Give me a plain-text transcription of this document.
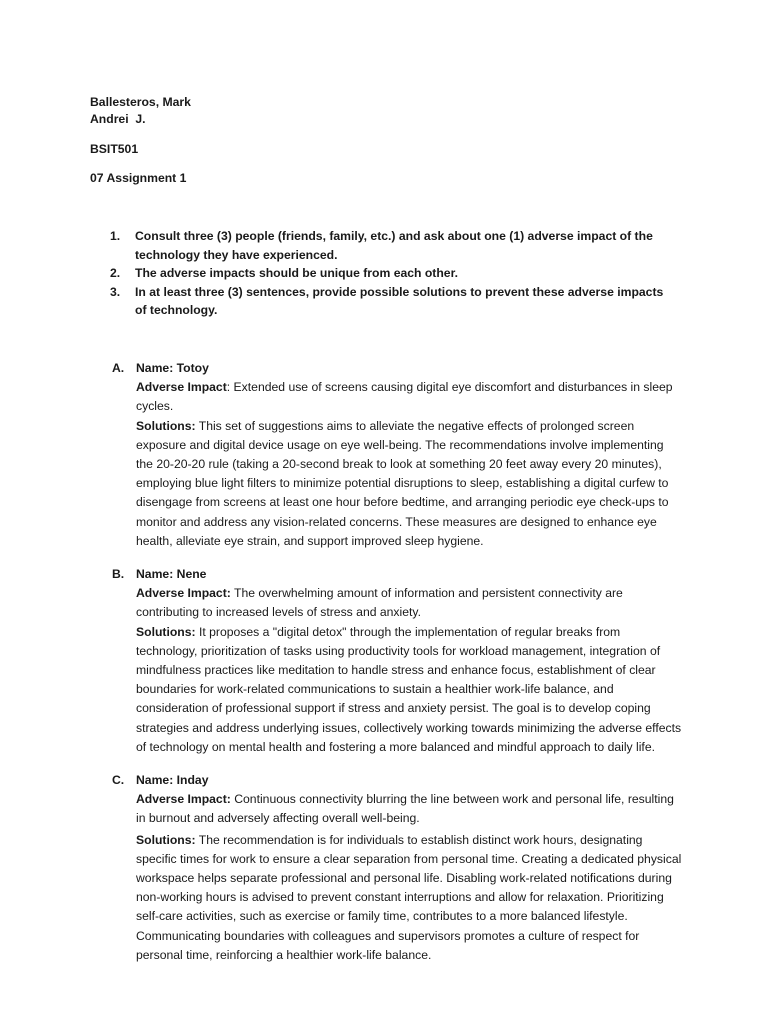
Ballesteros, Mark
Andrei  J.
BSIT501
07 Assignment 1
1. Consult three (3) people (friends, family, etc.) and ask about one (1) adverse impact of the technology they have experienced.
2. The adverse impacts should be unique from each other.
3. In at least three (3) sentences, provide possible solutions to prevent these adverse impacts of technology.
A. Name: Totoy

Adverse Impact: Extended use of screens causing digital eye discomfort and disturbances in sleep cycles.

Solutions: This set of suggestions aims to alleviate the negative effects of prolonged screen exposure and digital device usage on eye well-being. The recommendations involve implementing the 20-20-20 rule (taking a 20-second break to look at something 20 feet away every 20 minutes), employing blue light filters to minimize potential disruptions to sleep, establishing a digital curfew to disengage from screens at least one hour before bedtime, and arranging periodic eye check-ups to monitor and address any vision-related concerns. These measures are designed to enhance eye health, alleviate eye strain, and support improved sleep hygiene.

B. Name: Nene

Adverse Impact: The overwhelming amount of information and persistent connectivity are contributing to increased levels of stress and anxiety.

Solutions: It proposes a "digital detox" through the implementation of regular breaks from technology, prioritization of tasks using productivity tools for workload management, integration of mindfulness practices like meditation to handle stress and enhance focus, establishment of clear boundaries for work-related communications to sustain a healthier work-life balance, and consideration of professional support if stress and anxiety persist. The goal is to develop coping strategies and address underlying issues, collectively working towards minimizing the adverse effects of technology on mental health and fostering a more balanced and mindful approach to daily life.

C. Name: Inday

Adverse Impact: Continuous connectivity blurring the line between work and personal life, resulting in burnout and adversely affecting overall well-being.

Solutions: The recommendation is for individuals to establish distinct work hours, designating specific times for work to ensure a clear separation from personal time. Creating a dedicated physical workspace helps separate professional and personal life. Disabling work-related notifications during non-working hours is advised to prevent constant interruptions and allow for relaxation. Prioritizing self-care activities, such as exercise or family time, contributes to a more balanced lifestyle. Communicating boundaries with colleagues and supervisors promotes a culture of respect for personal time, reinforcing a healthier work-life balance.
